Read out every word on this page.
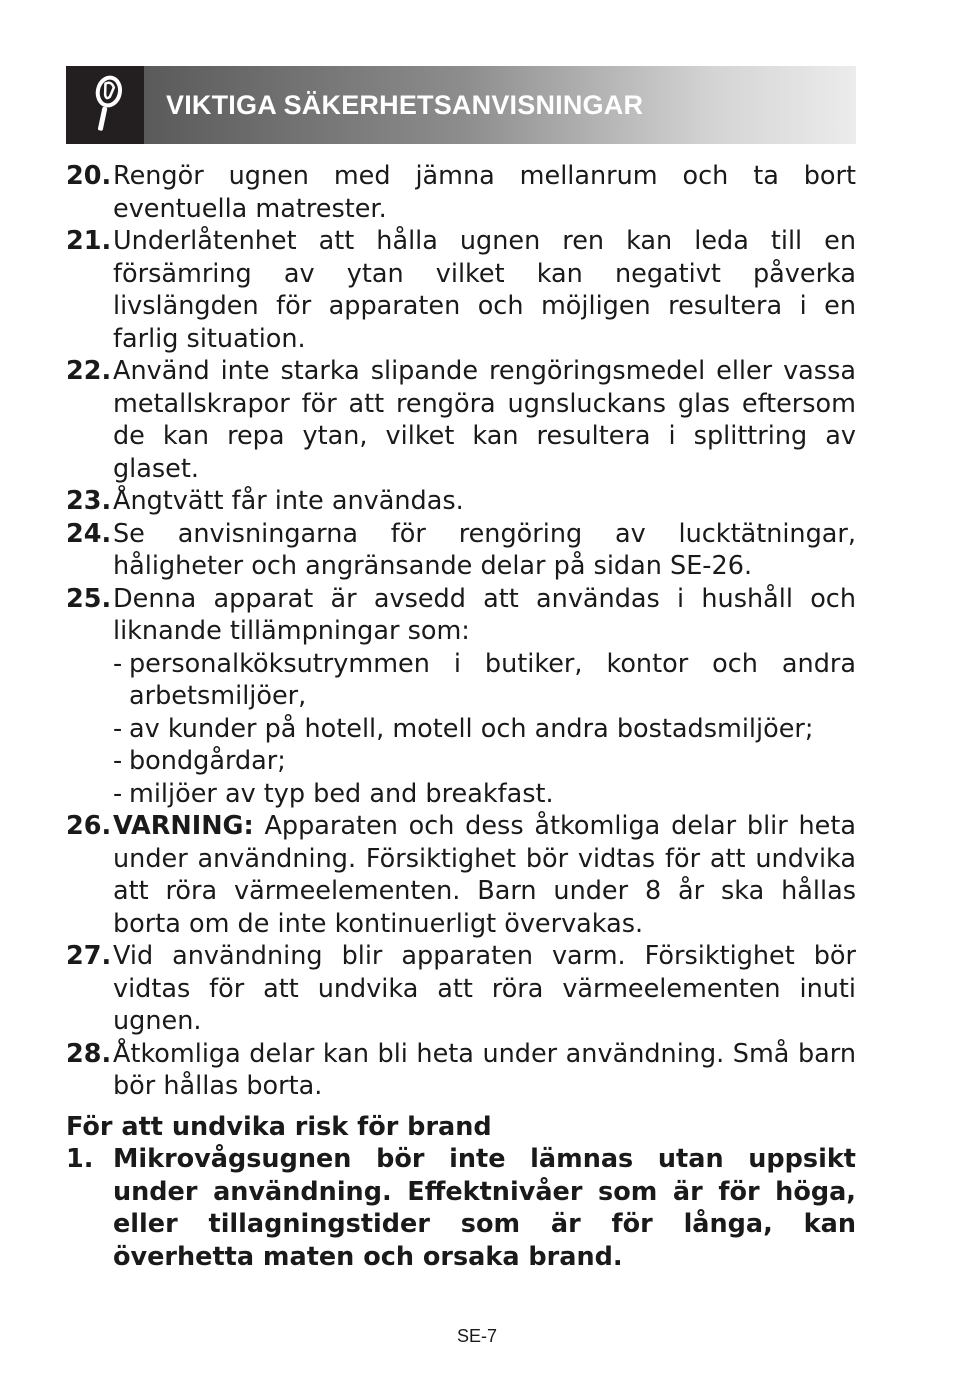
VIKTIGA SÄKERHETSANVISNINGAR
20. Rengör ugnen med jämna mellanrum och ta bort eventuella matrester.
21. Underlåtenhet att hålla ugnen ren kan leda till en försämring av ytan vilket kan negativt påverka livslängden för apparaten och möjligen resultera i en farlig situation.
22. Använd inte starka slipande rengöringsmedel eller vassa metallskrapor för att rengöra ugnsluckans glas eftersom de kan repa ytan, vilket kan resultera i splittring av glaset.
23. Ångtvätt får inte användas.
24. Se anvisningarna för rengöring av lucktätningar, håligheter och angränsande delar på sidan SE-26.
25. Denna apparat är avsedd att användas i hushåll och liknande tillämpningar som:
- personalköksutrymmen i butiker, kontor och andra arbetsmiljöer,
- av kunder på hotell, motell och andra bostadsmiljöer;
- bondgårdar;
- miljöer av typ bed and breakfast.
26. VARNING: Apparaten och dess åtkomliga delar blir heta under användning. Försiktighet bör vidtas för att undvika att röra värmeelementen. Barn under 8 år ska hållas borta om de inte kontinuerligt övervakas.
27. Vid användning blir apparaten varm. Försiktighet bör vidtas för att undvika att röra värmeelementen inuti ugnen.
28. Åtkomliga delar kan bli heta under användning. Små barn bör hållas borta.
För att undvika risk för brand
1. Mikrovågsugnen bör inte lämnas utan uppsikt under användning. Effektnivåer som är för höga, eller tillagningstider som är för långa, kan överhetta maten och orsaka brand.
SE-7
